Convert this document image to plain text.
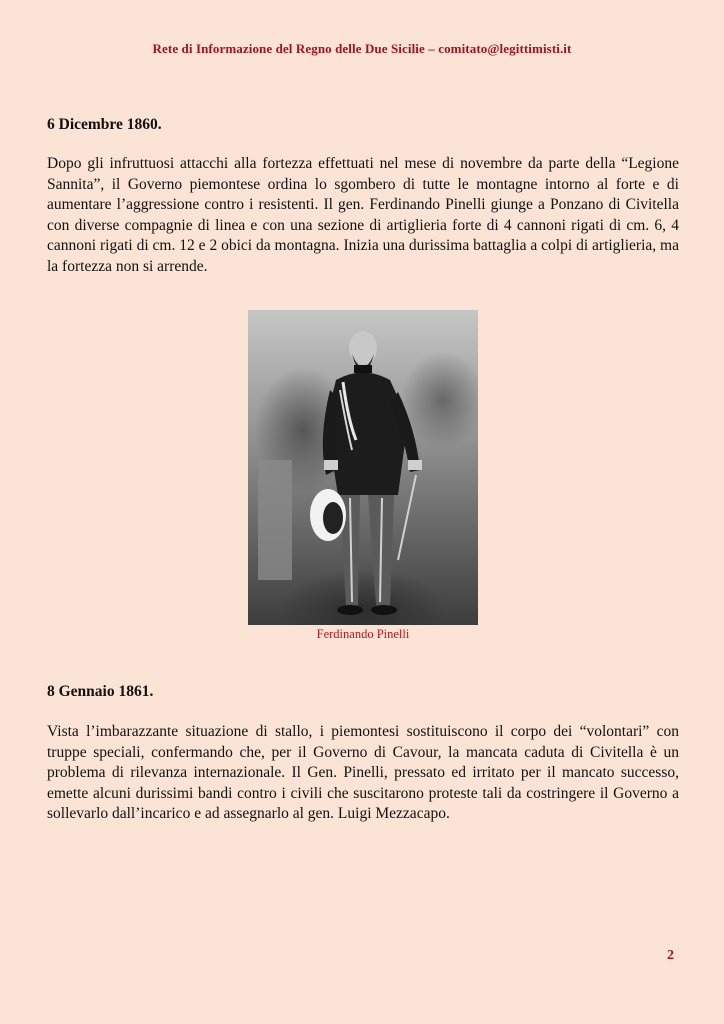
Rete di Informazione del Regno delle Due Sicilie – comitato@legittimisti.it
6 Dicembre 1860.
Dopo gli infruttuosi attacchi alla fortezza effettuati nel mese di novembre da parte della “Legione Sannita”, il Governo piemontese ordina lo sgombero di tutte le montagne intorno al forte e di aumentare l’aggressione contro i resistenti. Il gen. Ferdinando Pinelli giunge a Ponzano di Civitella con diverse compagnie di linea e con una sezione di artiglieria forte di 4 cannoni rigati di cm. 6, 4 cannoni rigati di cm. 12 e 2 obici da montagna. Inizia una durissima battaglia a colpi di artiglieria, ma la fortezza non si arrende.
Ferdinando Pinelli
8 Gennaio 1861.
Vista l’imbarazzante situazione di stallo, i piemontesi sostituiscono il corpo dei “volontari” con truppe speciali, confermando che, per il Governo di Cavour, la mancata caduta di Civitella è un problema di rilevanza internazionale. Il Gen. Pinelli, pressato ed irritato per il mancato successo, emette alcuni durissimi bandi contro i civili che suscitarono proteste tali da costringere il Governo a sollevarlo dall’incarico e ad assegnarlo al gen. Luigi Mezzacapo.
2
